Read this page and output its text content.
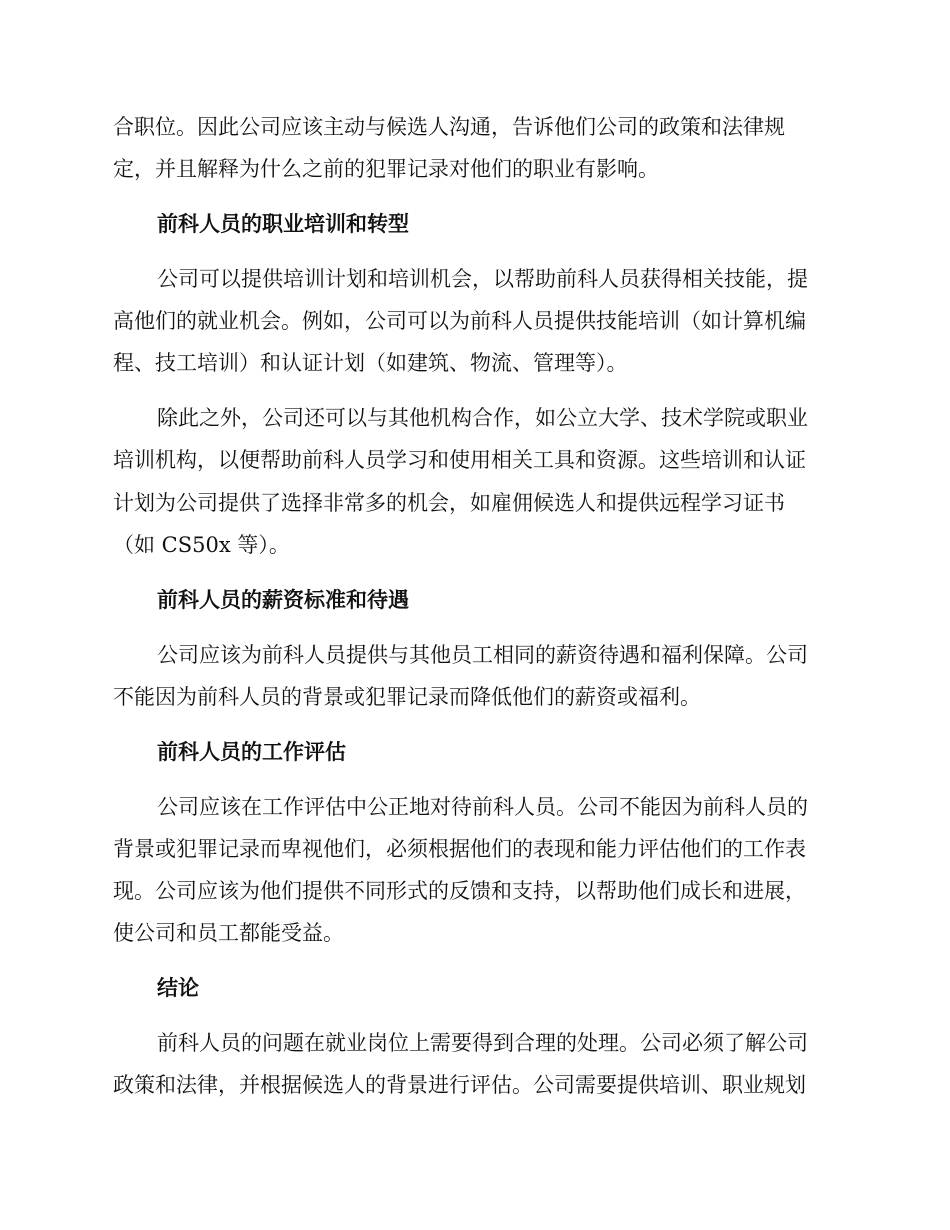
合职位。因此公司应该主动与候选人沟通，告诉他们公司的政策和法律规
定，并且解释为什么之前的犯罪记录对他们的职业有影响。
前科人员的职业培训和转型
公司可以提供培训计划和培训机会，以帮助前科人员获得相关技能，提
高他们的就业机会。例如，公司可以为前科人员提供技能培训（如计算机编
程、技工培训）和认证计划（如建筑、物流、管理等）。
除此之外，公司还可以与其他机构合作，如公立大学、技术学院或职业
培训机构，以便帮助前科人员学习和使用相关工具和资源。这些培训和认证
计划为公司提供了选择非常多的机会，如雇佣候选人和提供远程学习证书
（如 CS50x 等）。
前科人员的薪资标准和待遇
公司应该为前科人员提供与其他员工相同的薪资待遇和福利保障。公司
不能因为前科人员的背景或犯罪记录而降低他们的薪资或福利。
前科人员的工作评估
公司应该在工作评估中公正地对待前科人员。公司不能因为前科人员的
背景或犯罪记录而卑视他们，必须根据他们的表现和能力评估他们的工作表
现。公司应该为他们提供不同形式的反馈和支持，以帮助他们成长和进展，
使公司和员工都能受益。
结论
前科人员的问题在就业岗位上需要得到合理的处理。公司必须了解公司
政策和法律，并根据候选人的背景进行评估。公司需要提供培训、职业规划
